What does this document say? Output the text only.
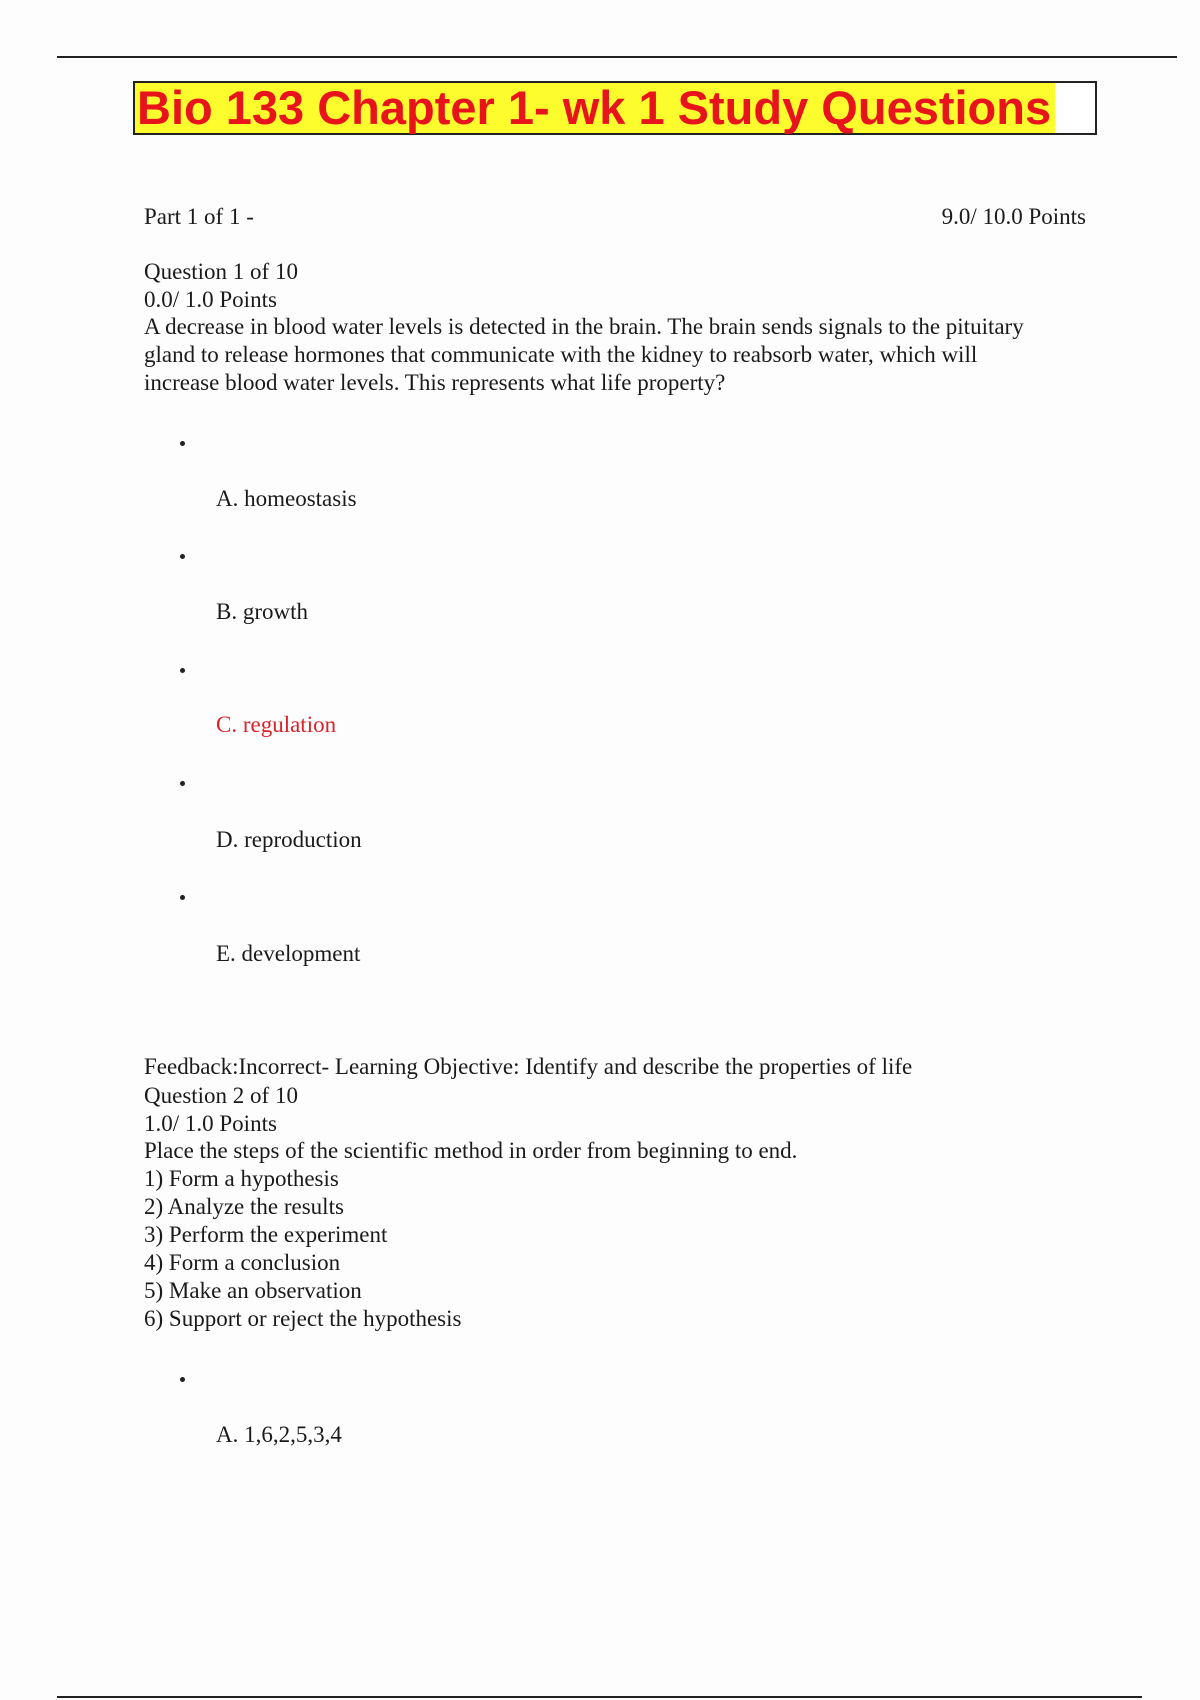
Bio 133 Chapter 1- wk 1 Study Questions
Part 1 of 1 -	9.0/ 10.0 Points
Question 1 of 10
0.0/ 1.0 Points
A decrease in blood water levels is detected in the brain. The brain sends signals to the pituitary
gland to release hormones that communicate with the kidney to reabsorb water, which will
increase blood water levels. This represents what life property?
A. homeostasis
B. growth
C. regulation
D. reproduction
E. development
Feedback:Incorrect- Learning Objective: Identify and describe the properties of life
Question 2 of 10
1.0/ 1.0 Points
Place the steps of the scientific method in order from beginning to end.
1) Form a hypothesis
2) Analyze the results
3) Perform the experiment
4) Form a conclusion
5) Make an observation
6) Support or reject the hypothesis
A. 1,6,2,5,3,4
